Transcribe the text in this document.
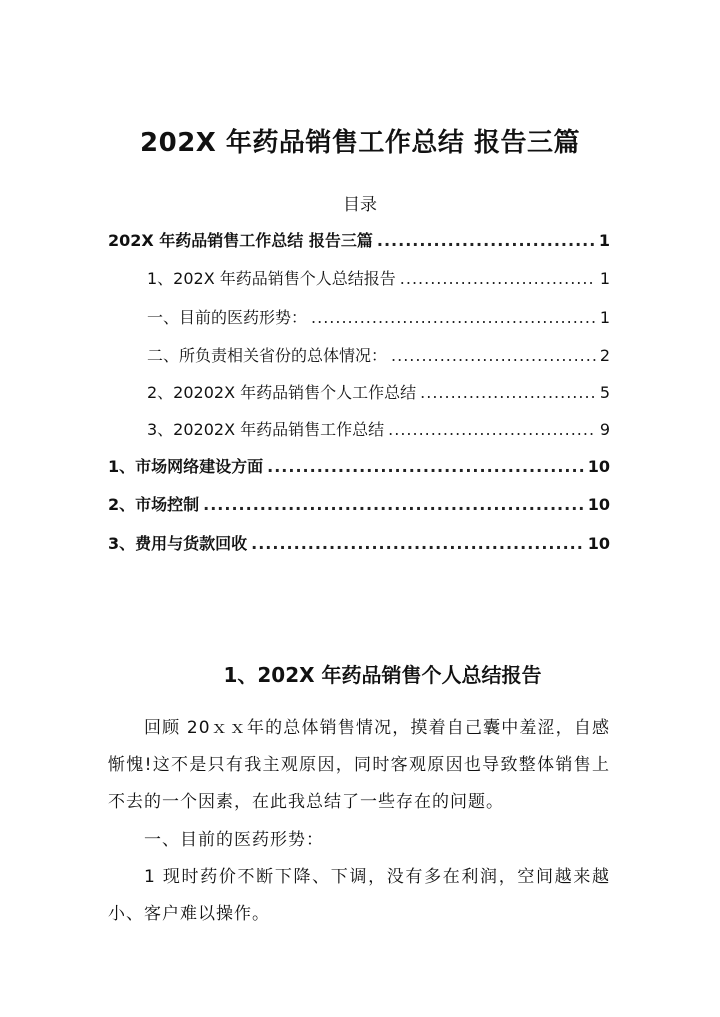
202X 年药品销售工作总结 报告三篇
目录
202X 年药品销售工作总结 报告三篇 .....	1
1、202X 年药品销售个人总结报告 .....	1
一、目前的医药形势： .....	1
二、所负责相关省份的总体情况： .....	2
2、20202X 年药品销售个人工作总结 .....	5
3、20202X 年药品销售工作总结 .....	9
1、市场网络建设方面 .....	10
2、市场控制 .....	10
3、费用与货款回收 .....	10
1、202X 年药品销售个人总结报告
回顾 20ｘｘ年的总体销售情况，摸着自己囊中羞涩，自感惭愧!这不是只有我主观原因，同时客观原因也导致整体销售上不去的一个因素，在此我总结了一些存在的问题。
一、目前的医药形势：
1 现时药价不断下降、下调，没有多在利润，空间越来越小、客户难以操作。
